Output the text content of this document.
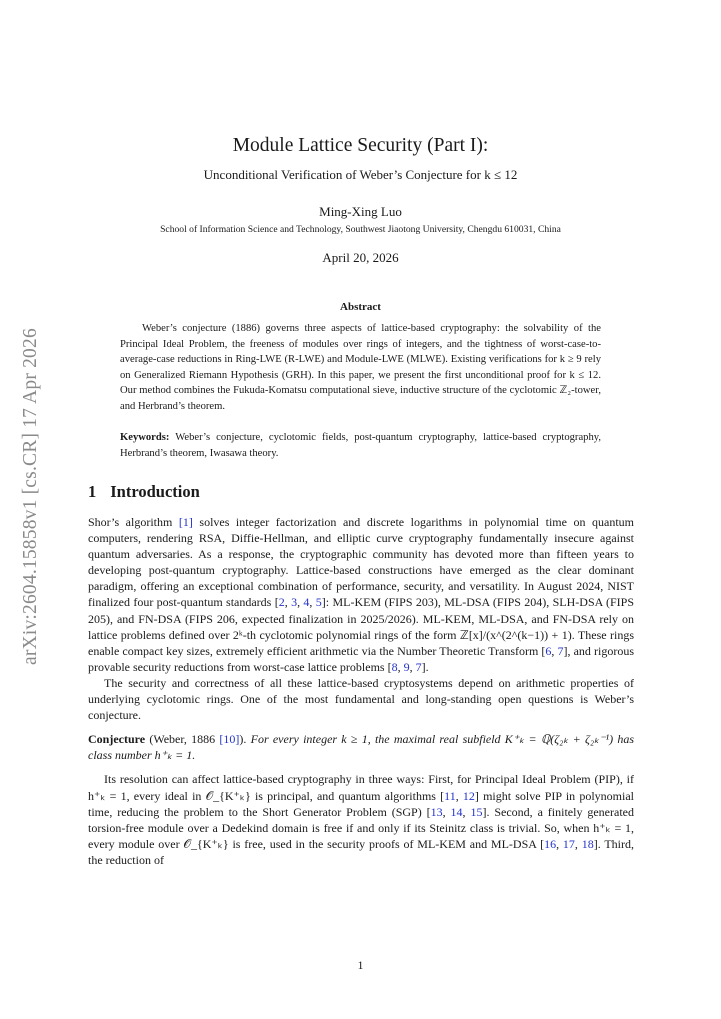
arXiv:2604.15858v1 [cs.CR] 17 Apr 2026
Module Lattice Security (Part I):
Unconditional Verification of Weber’s Conjecture for k ≤ 12
Ming-Xing Luo
School of Information Science and Technology, Southwest Jiaotong University, Chengdu 610031, China
April 20, 2026
Abstract

Weber’s conjecture (1886) governs three aspects of lattice-based cryptography: the solvability of the Principal Ideal Problem, the freeness of modules over rings of integers, and the tightness of worst-case-to-average-case reductions in Ring-LWE (R-LWE) and Module-LWE (MLWE). Existing verifications for k ≥ 9 rely on Generalized Riemann Hypothesis (GRH). In this paper, we present the first unconditional proof for k ≤ 12. Our method combines the Fukuda-Komatsu computational sieve, inductive structure of the cyclotomic ℤ₂-tower, and Herbrand’s theorem.

Keywords: Weber’s conjecture, cyclotomic fields, post-quantum cryptography, lattice-based cryptography, Herbrand’s theorem, Iwasawa theory.
1 Introduction

Shor’s algorithm [1] solves integer factorization and discrete logarithms in polynomial time on quantum computers, rendering RSA, Diffie-Hellman, and elliptic curve cryptography fundamentally insecure against quantum adversaries. As a response, the cryptographic community has devoted more than fifteen years to developing post-quantum cryptography. Lattice-based constructions have emerged as the clear dominant paradigm, offering an exceptional combination of performance, security, and versatility. In August 2024, NIST finalized four post-quantum standards [2, 3, 4, 5]: ML-KEM (FIPS 203), ML-DSA (FIPS 204), SLH-DSA (FIPS 205), and FN-DSA (FIPS 206, expected finalization in 2025/2026). ML-KEM, ML-DSA, and FN-DSA rely on lattice problems defined over 2ᵏ-th cyclotomic polynomial rings of the form ℤ[x]/(x^(2^(k−1)) + 1). These rings enable compact key sizes, extremely efficient arithmetic via the Number Theoretic Transform [6, 7], and rigorous provable security reductions from worst-case lattice problems [8, 9, 7].

The security and correctness of all these lattice-based cryptosystems depend on arithmetic properties of underlying cyclotomic rings. One of the most fundamental and long-standing open questions is Weber’s conjecture.

Conjecture (Weber, 1886 [10]). For every integer k ≥ 1, the maximal real subfield K⁺ₖ = ℚ(ζ₂ₖ + ζ₂ₖ⁻¹) has class number h⁺ₖ = 1.

Its resolution can affect lattice-based cryptography in three ways: First, for Principal Ideal Problem (PIP), if h⁺ₖ = 1, every ideal in 𝒪_{K⁺ₖ} is principal, and quantum algorithms [11, 12] might solve PIP in polynomial time, reducing the problem to the Short Generator Problem (SGP) [13, 14, 15]. Second, a finitely generated torsion-free module over a Dedekind domain is free if and only if its Steinitz class is trivial. So, when h⁺ₖ = 1, every module over 𝒪_{K⁺ₖ} is free, used in the security proofs of ML-KEM and ML-DSA [16, 17, 18]. Third, the reduction of

1
